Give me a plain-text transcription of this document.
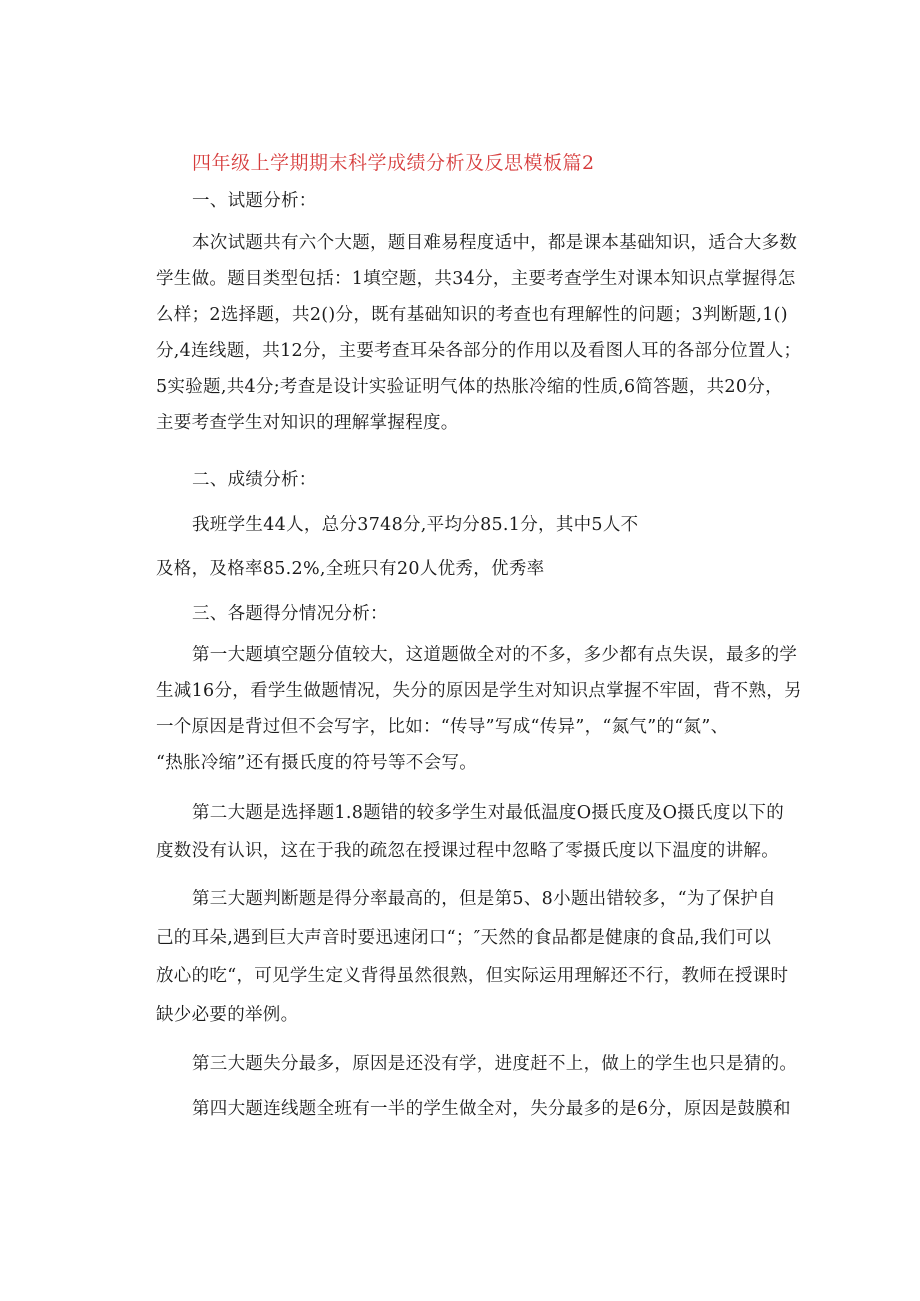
四年级上学期期末科学成绩分析及反思模板篇2
一、试题分析：
本次试题共有六个大题，题目难易程度适中，都是课本基础知识，适合大多数
学生做。题目类型包括：1填空题，共34分，主要考查学生对课本知识点掌握得怎
么样；2选择题，共2()分，既有基础知识的考查也有理解性的问题；3判断题,1()
分,4连线题，共12分，主要考查耳朵各部分的作用以及看图人耳的各部分位置人；
5实验题,共4分;考查是设计实验证明气体的热胀冷缩的性质,6简答题，共20分，
主要考查学生对知识的理解掌握程度。
二、成绩分析：
我班学生44人，总分3748分,平均分85.1分，其中5人不
及格，及格率85.2%,全班只有20人优秀，优秀率
三、各题得分情况分析：
第一大题填空题分值较大，这道题做全对的不多，多少都有点失误，最多的学
生减16分，看学生做题情况，失分的原因是学生对知识点掌握不牢固，背不熟，另
一个原因是背过但不会写字，比如：“传导”写成“传异”，“氮气”的“氮”、
“热胀冷缩”还有摄氏度的符号等不会写。
第二大题是选择题1.8题错的较多学生对最低温度O摄氏度及O摄氏度以下的
度数没有认识，这在于我的疏忽在授课过程中忽略了零摄氏度以下温度的讲解。
第三大题判断题是得分率最高的，但是第5、8小题出错较多，“为了保护自
己的耳朵,遇到巨大声音时要迅速闭口“；″天然的食品都是健康的食品,我们可以
放心的吃“，可见学生定义背得虽然很熟，但实际运用理解还不行，教师在授课时
缺少必要的举例。
第三大题失分最多，原因是还没有学，进度赶不上，做上的学生也只是猜的。
第四大题连线题全班有一半的学生做全对，失分最多的是6分，原因是鼓膜和
